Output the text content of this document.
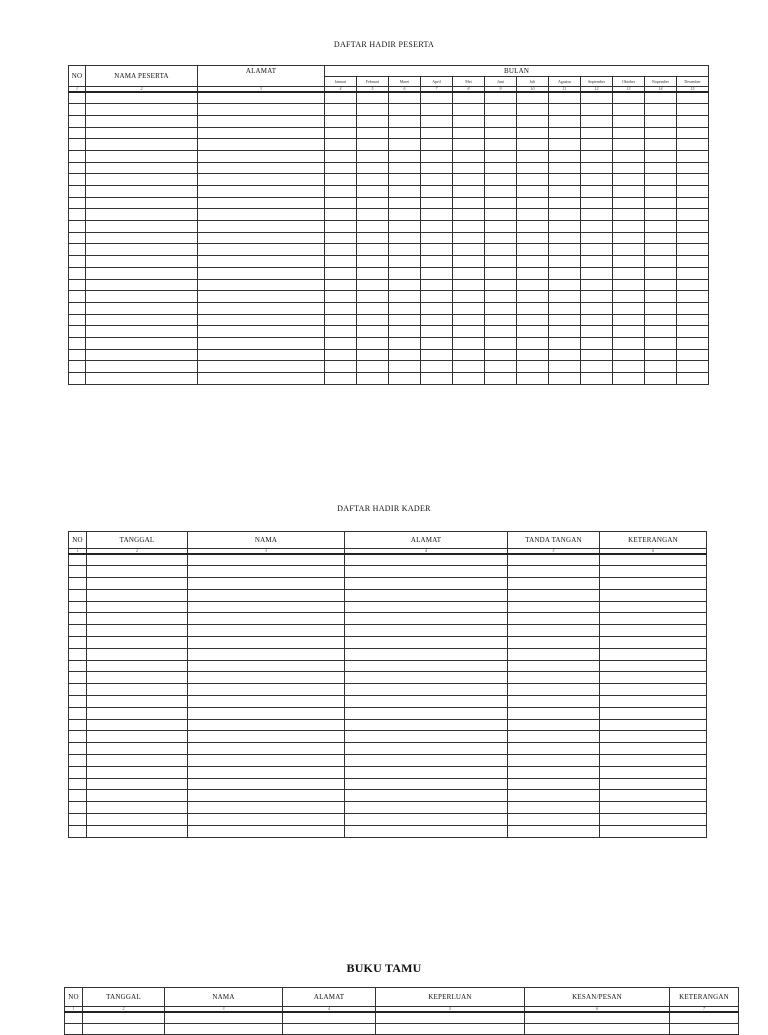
DAFTAR HADIR PESERTA
NO	NAMA PESERTA	ALAMAT	BULAN											
			Januari	Februari	Maret	April	Mei	Juni	Juli	Agustus	September	Oktober	Nopember	Desember
1	2	3	4	5	6	7	8	9	10	11	12	13	14	15

DAFTAR HADIR KADER
NO	TANGGAL	NAMA	ALAMAT	TANDA TANGAN	KETERANGAN
1	2	3	4	5	6

BUKU TAMU
NO	TANGGAL	NAMA	ALAMAT	KEPERLUAN	KESAN/PESAN	KETERANGAN
1	2	3	4	5	6	7
